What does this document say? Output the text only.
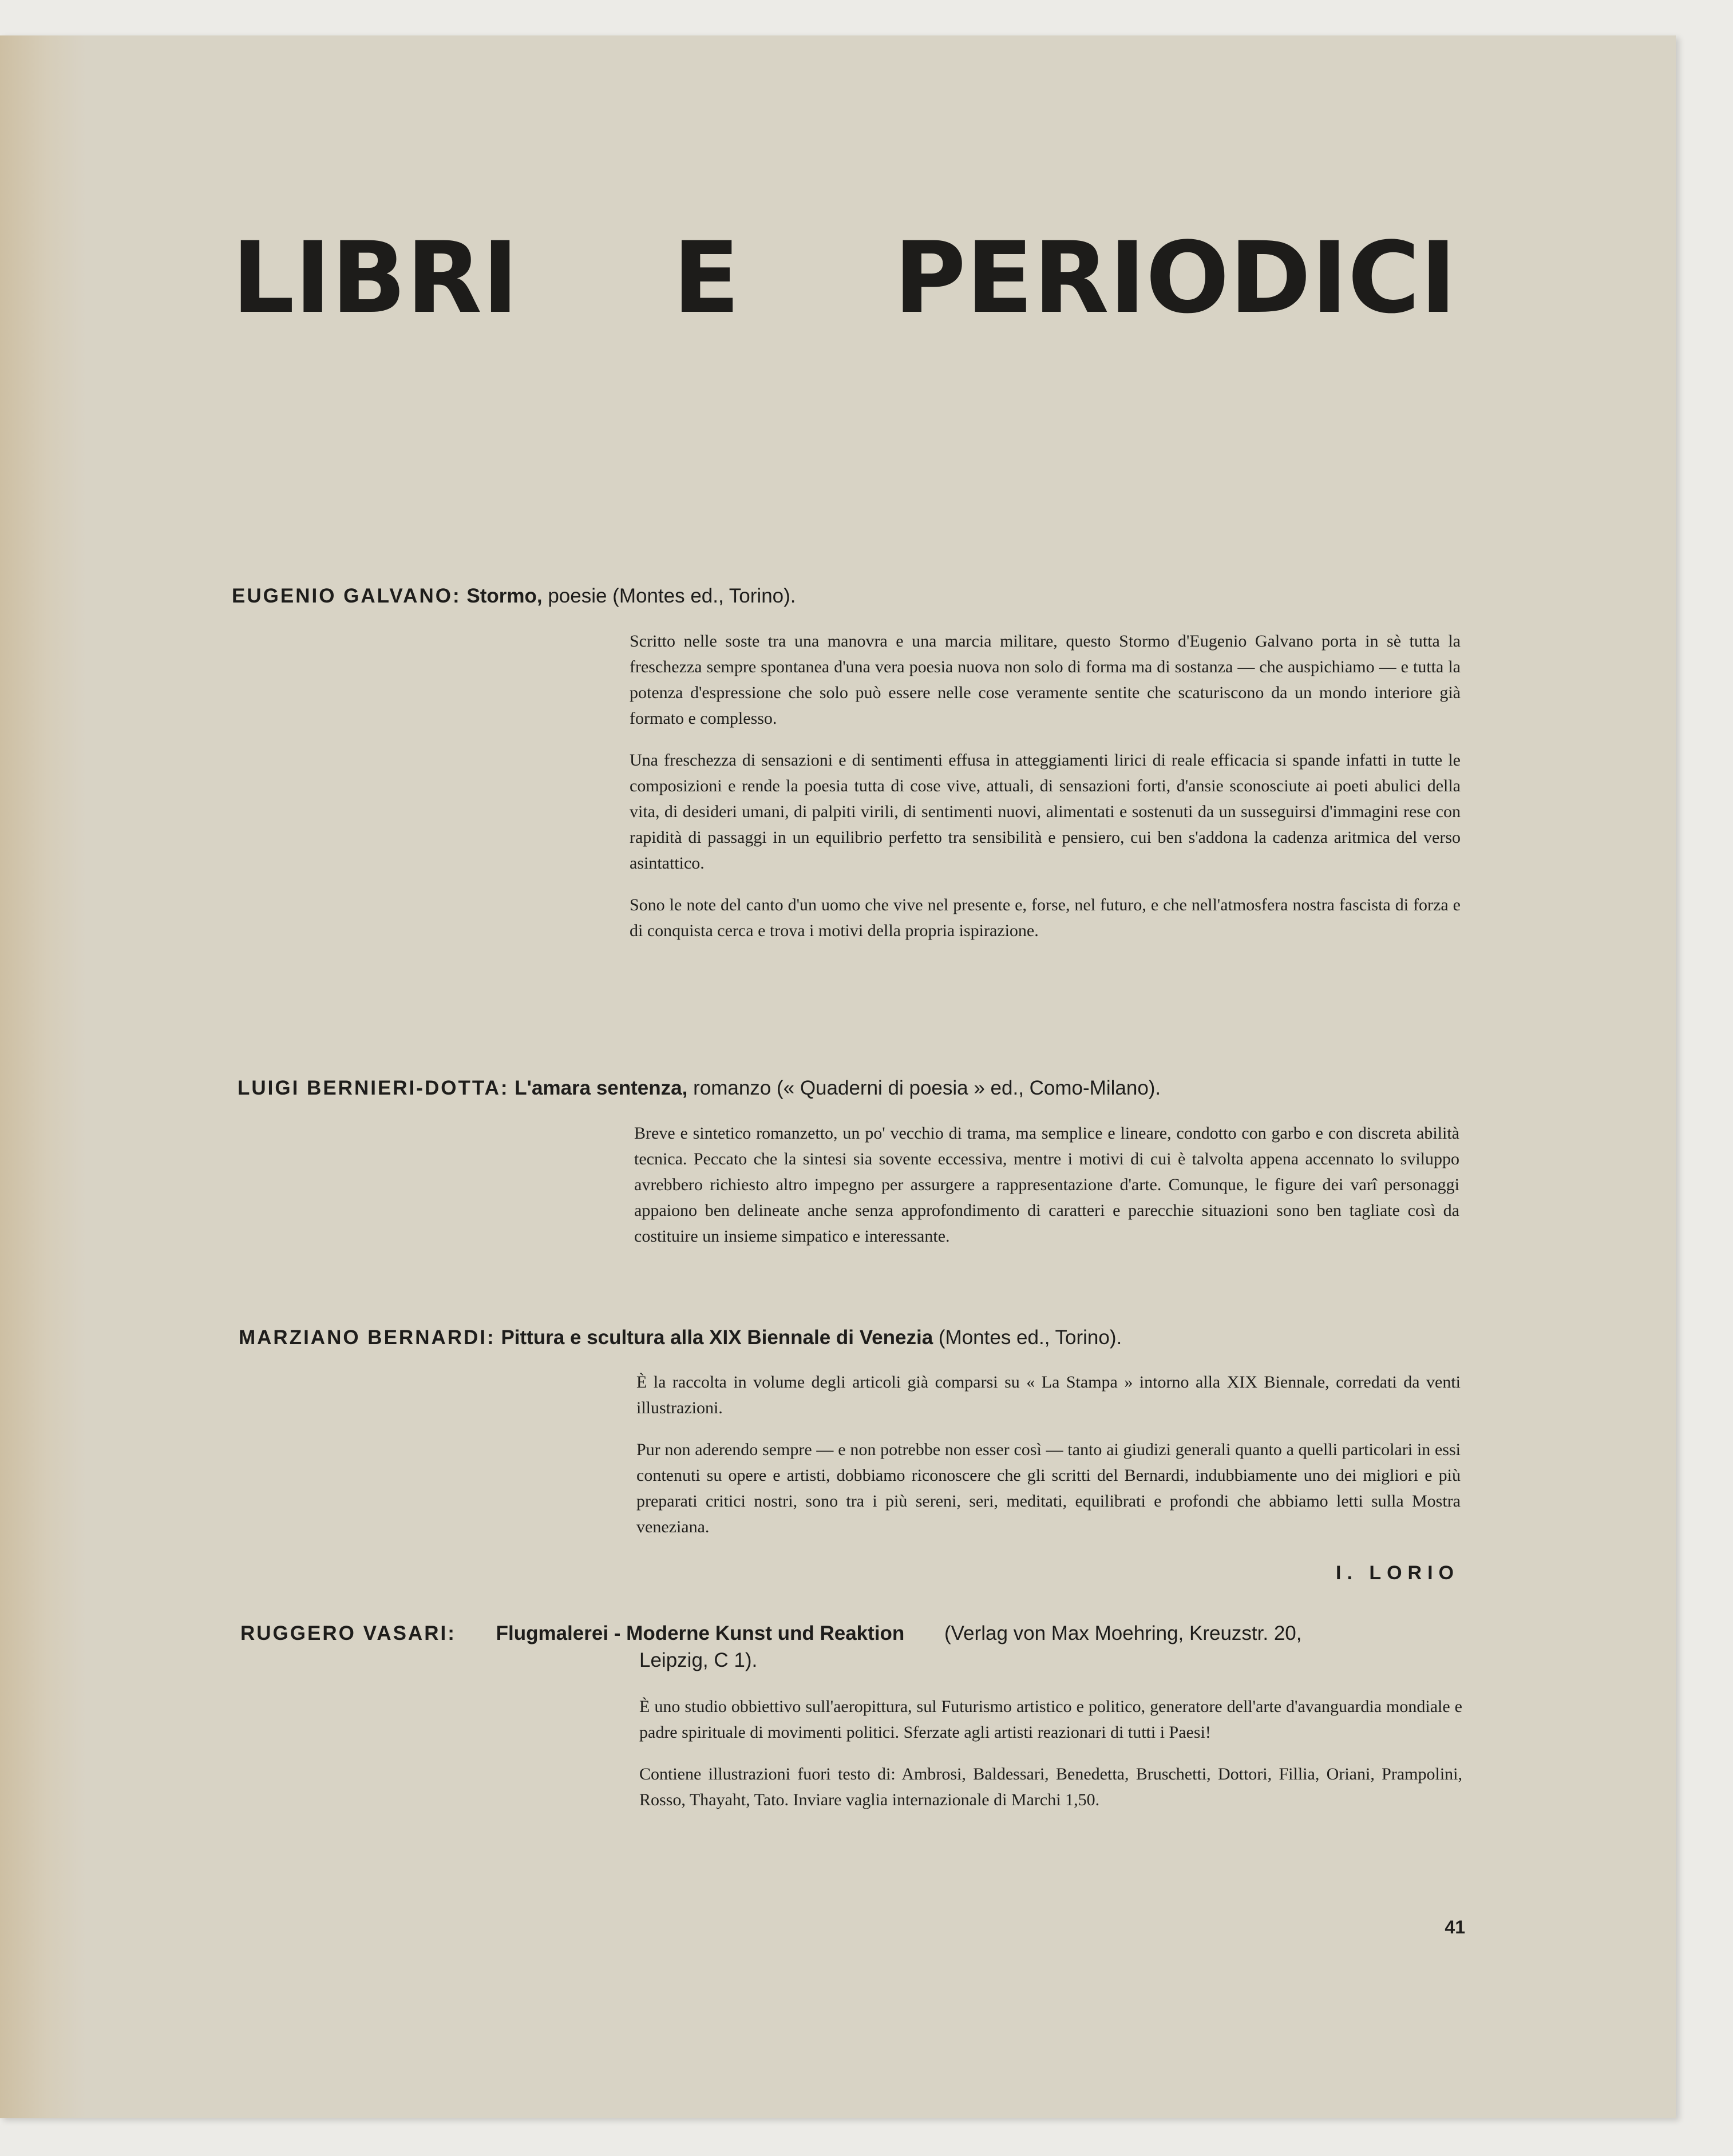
LIBRI E PERIODICI
EUGENIO GALVANO: Stormo, poesie (Montes ed., Torino).

Scritto nelle soste tra una manovra e una marcia militare, questo Stormo d'Eugenio Galvano porta in sè tutta la freschezza sempre spontanea d'una vera poesia nuova non solo di forma ma di sostanza — che auspichiamo — e tutta la potenza d'espressione che solo può essere nelle cose veramente sentite che scaturiscono da un mondo interiore già formato e complesso.

Una freschezza di sensazioni e di sentimenti effusa in atteggiamenti lirici di reale efficacia si spande infatti in tutte le composizioni e rende la poesia tutta di cose vive, attuali, di sensazioni forti, d'ansie sconosciute ai poeti abulici della vita, di desideri umani, di palpiti virili, di sentimenti nuovi, alimentati e sostenuti da un susseguirsi d'immagini rese con rapidità di passaggi in un equilibrio perfetto tra sensibilità e pensiero, cui ben s'addona la cadenza aritmica del verso asintattico.

Sono le note del canto d'un uomo che vive nel presente e, forse, nel futuro, e che nell'atmosfera nostra fascista di forza e di conquista cerca e trova i motivi della propria ispirazione.

LUIGI BERNIERI-DOTTA: L'amara sentenza, romanzo (« Quaderni di poesia » ed., Como-Milano).

Breve e sintetico romanzetto, un po' vecchio di trama, ma semplice e lineare, condotto con garbo e con discreta abilità tecnica. Peccato che la sintesi sia sovente eccessiva, mentre i motivi di cui è talvolta appena accennato lo sviluppo avrebbero richiesto altro impegno per assurgere a rappresentazione d'arte. Comunque, le figure dei varî personaggi appaiono ben delineate anche senza approfondimento di caratteri e parecchie situazioni sono ben tagliate così da costituire un insieme simpatico e interessante.

MARZIANO BERNARDI: Pittura e scultura alla XIX Biennale di Venezia (Montes ed., Torino).

È la raccolta in volume degli articoli già comparsi su « La Stampa » intorno alla XIX Biennale, corredati da venti illustrazioni.

Pur non aderendo sempre — e non potrebbe non esser così — tanto ai giudizi generali quanto a quelli particolari in essi contenuti su opere e artisti, dobbiamo riconoscere che gli scritti del Bernardi, indubbiamente uno dei migliori e più preparati critici nostri, sono tra i più sereni, seri, meditati, equilibrati e profondi che abbiamo letti sulla Mostra veneziana.

I. LORIO
RUGGERO VASARI: Flugmalerei - Moderne Kunst und Reaktion (Verlag von Max Moehring, Kreuzstr. 20,
Leipzig, C 1).

È uno studio obbiettivo sull'aeropittura, sul Futurismo artistico e politico, generatore dell'arte d'avanguardia mondiale e padre spirituale di movimenti politici. Sferzate agli artisti reazionari di tutti i Paesi!

Contiene illustrazioni fuori testo di: Ambrosi, Baldessari, Benedetta, Bruschetti, Dottori, Fillia, Oriani, Prampolini, Rosso, Thayaht, Tato. Inviare vaglia internazionale di Marchi 1,50.

41
